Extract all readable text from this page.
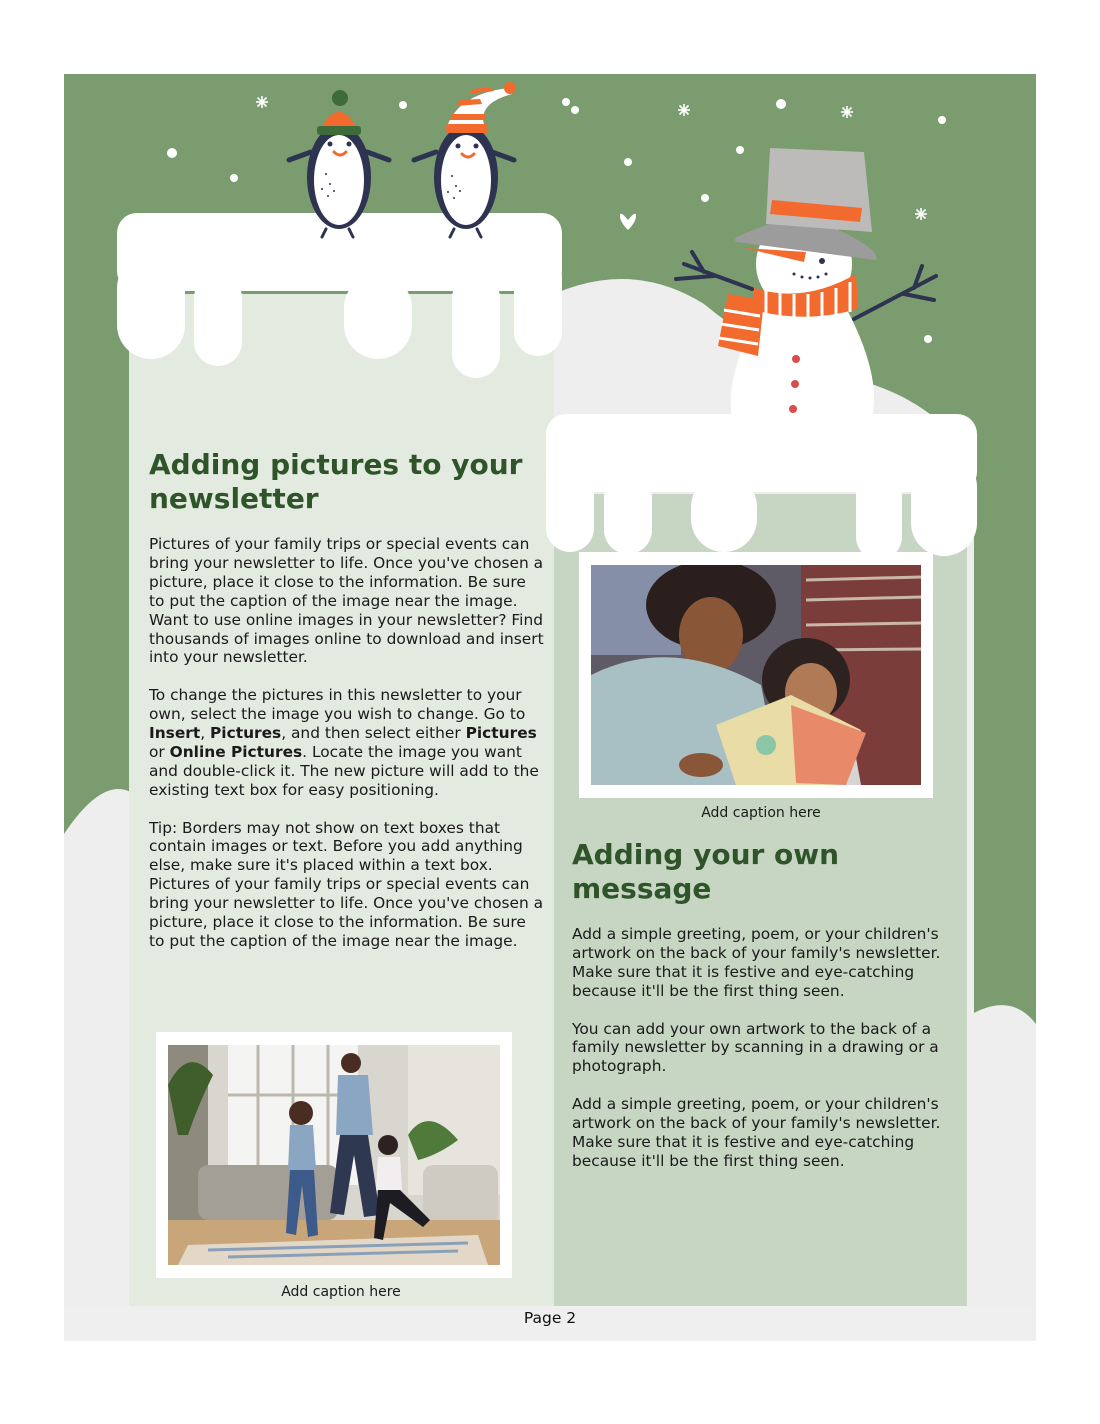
Adding pictures to your newsletter

Pictures of your family trips or special events can bring your newsletter to life. Once you've chosen a picture, place it close to the information. Be sure to put the caption of the image near the image. Want to use online images in your newsletter? Find thousands of images online to download and insert into your newsletter.

To change the pictures in this newsletter to your own, select the image you wish to change. Go to Insert, Pictures, and then select either Pictures or Online Pictures. Locate the image you want and double-click it. The new picture will add to the existing text box for easy positioning.

Tip: Borders may not show on text boxes that contain images or text. Before you add anything else, make sure it's placed within a text box. Pictures of your family trips or special events can bring your newsletter to life. Once you've chosen a picture, place it close to the information. Be sure to put the caption of the image near the image.

Add caption here
Add caption here
Adding your own message

Add a simple greeting, poem, or your children's artwork on the back of your family's newsletter. Make sure that it is festive and eye-catching because it'll be the first thing seen.

You can add your own artwork to the back of a family newsletter by scanning in a drawing or a photograph.

Add a simple greeting, poem, or your children's artwork on the back of your family's newsletter. Make sure that it is festive and eye-catching because it'll be the first thing seen.

Page 2
